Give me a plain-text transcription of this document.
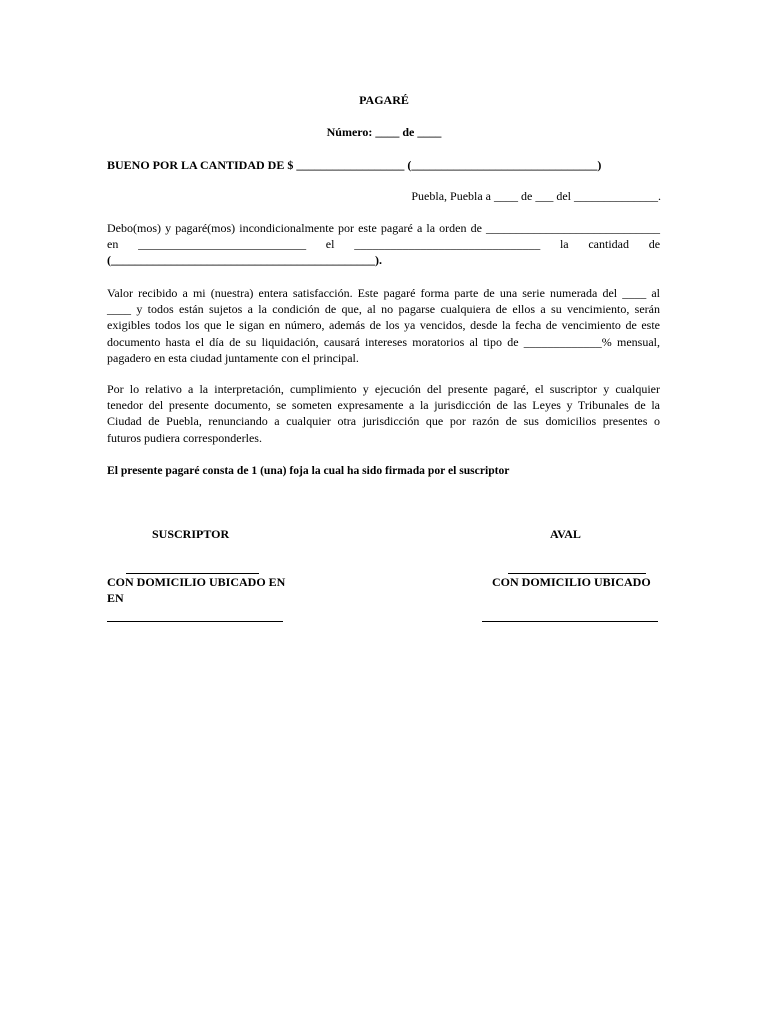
PAGARÉ
Número: ____ de ____
BUENO POR LA CANTIDAD DE $ __________________ (_______________________________)
Puebla, Puebla a ____ de ___ del ______________.
Debo(mos) y pagaré(mos) incondicionalmente por este pagaré a la orden de _____________________________
en ____________________________ el _______________________________ la cantidad de
(____________________________________________).
Valor recibido a mi (nuestra) entera satisfacción. Este pagaré forma parte de una serie numerada del ____ al
____ y todos están sujetos a la condición de que, al no pagarse cualquiera de ellos a su vencimiento, serán
exigibles todos los que le sigan en número, además de los ya vencidos, desde la fecha de vencimiento de este
documento hasta el día de su liquidación, causará intereses moratorios al tipo de _____________% mensual,
pagadero en esta ciudad juntamente con el principal.
Por lo relativo a la interpretación, cumplimiento y ejecución del presente pagaré, el suscriptor y cualquier
tenedor del presente documento, se someten expresamente a la jurisdicción de las Leyes y Tribunales de la
Ciudad de Puebla, renunciando a cualquier otra jurisdicción que por razón de sus domicilios presentes o
futuros pudiera corresponderles.
El presente pagaré consta de 1 (una) foja la cual ha sido firmada por el suscriptor
SUSCRIPTOR	AVAL
CON DOMICILIO UBICADO EN
EN
CON DOMICILIO UBICADO
